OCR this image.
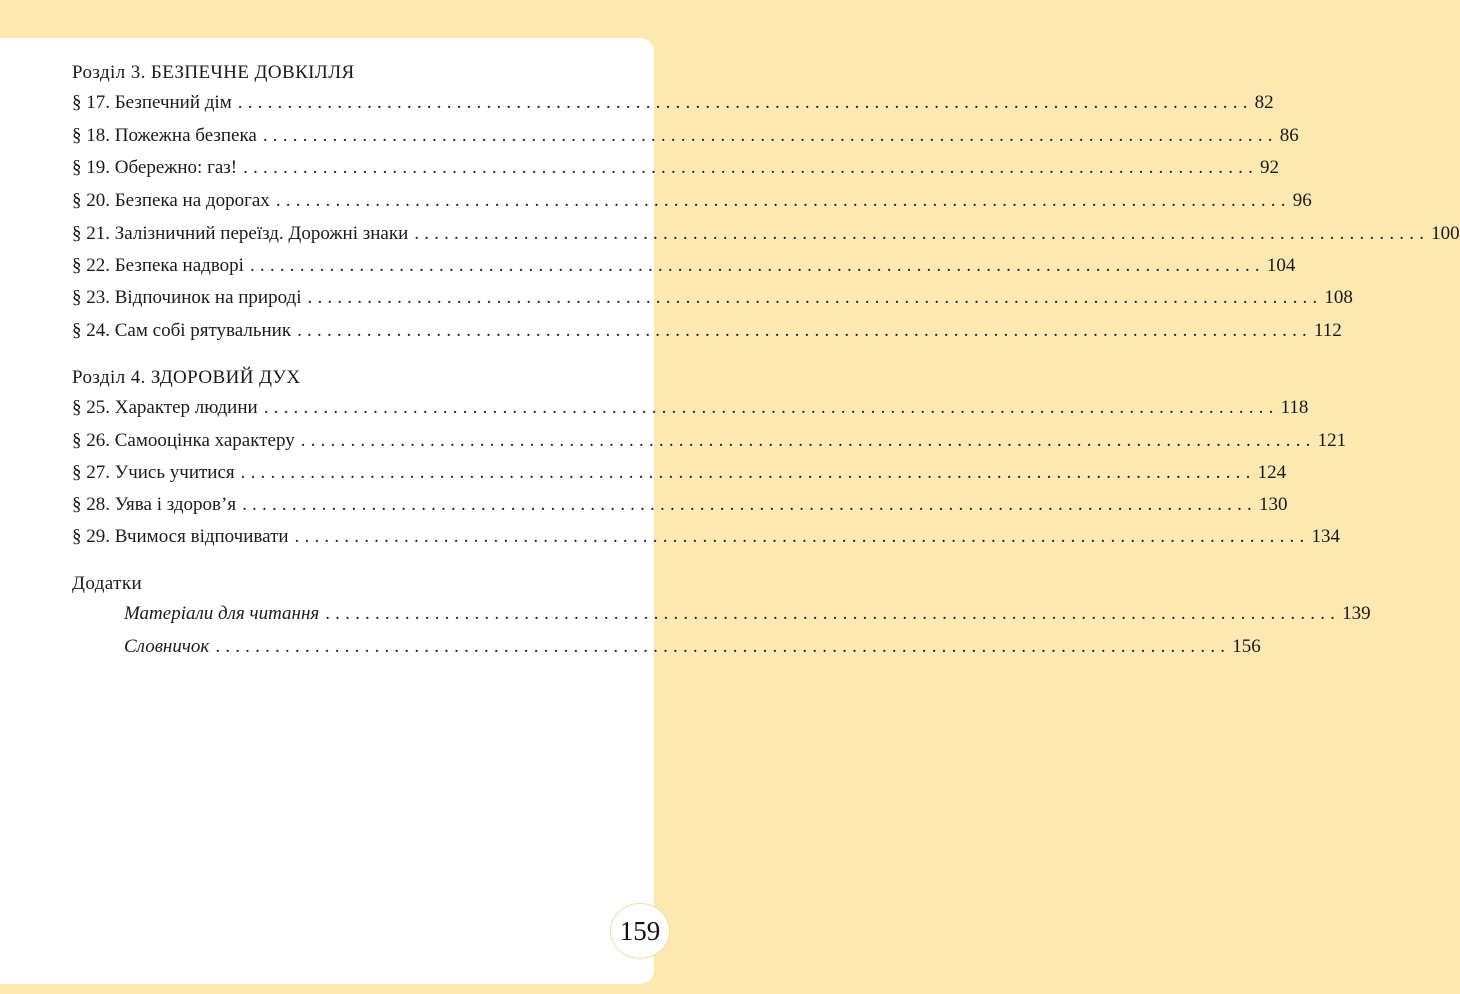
Розділ 3. БЕЗПЕЧНЕ ДОВКІЛЛЯ
§ 17. Безпечний дім ...................................................................................................... 82
§ 18. Пожежна безпека ...................................................................................................... 86
§ 19. Обережно: газ! ...................................................................................................... 92
§ 20. Безпека на дорогах ...................................................................................................... 96
§ 21. Залізничний переїзд. Дорожні знаки ...................................................................................................... 100
§ 22. Безпека надворі ...................................................................................................... 104
§ 23. Відпочинок на природі ...................................................................................................... 108
§ 24. Сам собі рятувальник ...................................................................................................... 112
Розділ 4. ЗДОРОВИЙ ДУХ
§ 25. Характер людини ...................................................................................................... 118
§ 26. Самооцінка характеру ...................................................................................................... 121
§ 27. Учись учитися ...................................................................................................... 124
§ 28. Уява і здоров’я ...................................................................................................... 130
§ 29. Вчимося відпочивати ...................................................................................................... 134
Додатки
Матеріали для читання ...................................................................................................... 139
Словничок ...................................................................................................... 156
159
